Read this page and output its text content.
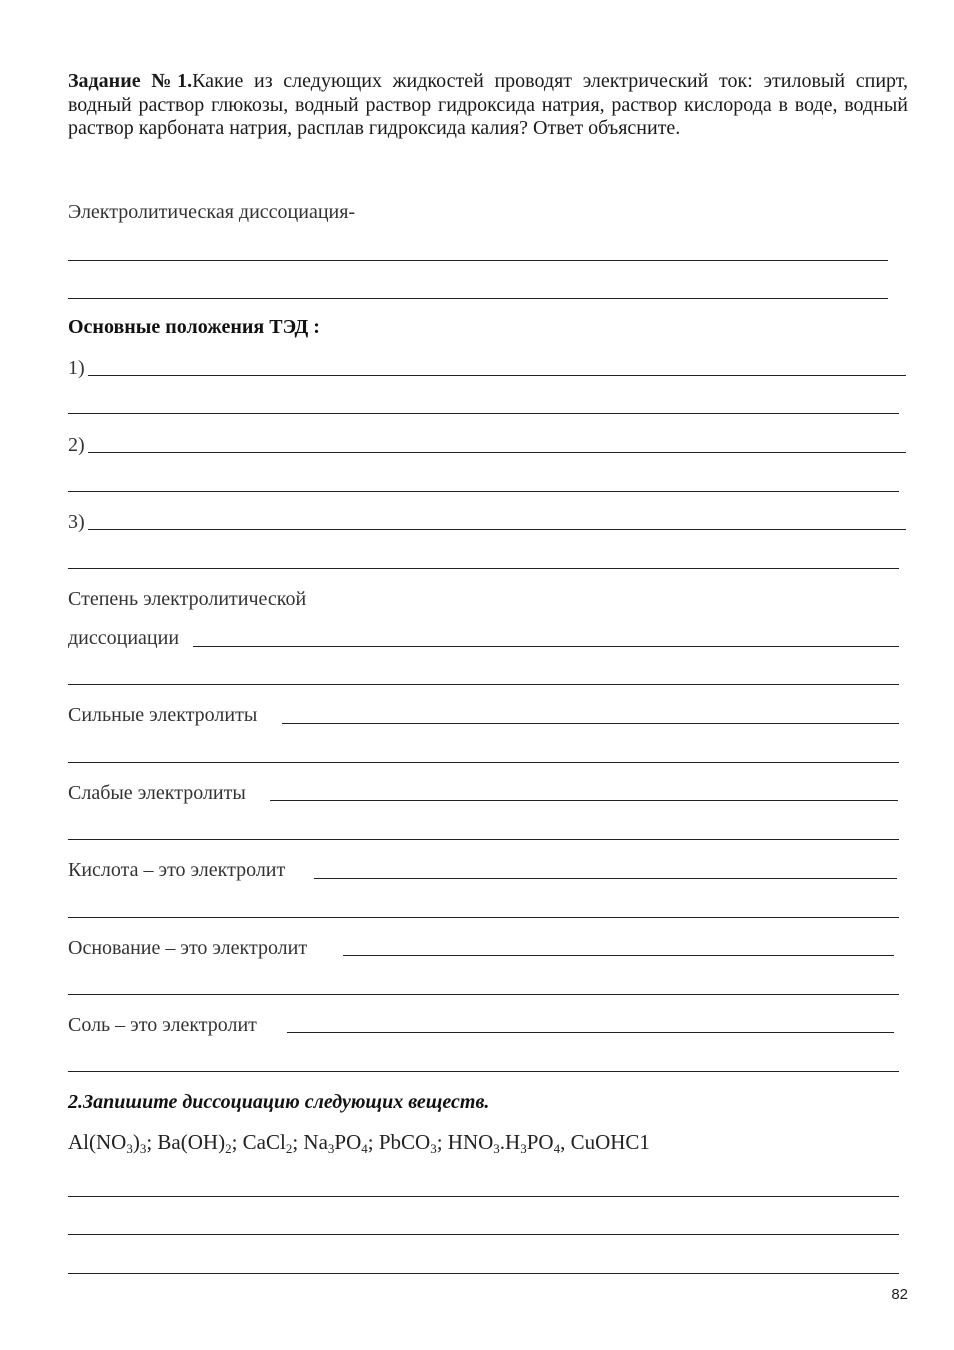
Задание №1.Какие из следующих жидкостей проводят электрический ток: этиловый спирт, водный раствор глюкозы, водный раствор гидроксида натрия, раствор кислорода в воде, водный раствор карбоната натрия, расплав гидроксида калия? Ответ объясните.
Электролитическая диссоциация-
Основные положения ТЭД :
1)
2)
3)
Степень электролитической
диссоциации
Сильные электролиты
Слабые электролиты
Кислота – это электролит
Основание – это электролит
Соль – это электролит
2.Запишите диссоциацию следующих веществ.
$Al(NO_3)_3$; $Ba(OH)_2$; CaCl$_2$; $Na_3PO_4$; PbCO$_3$; $HNO_3.H_3PO_4$, CuOHC1
82
